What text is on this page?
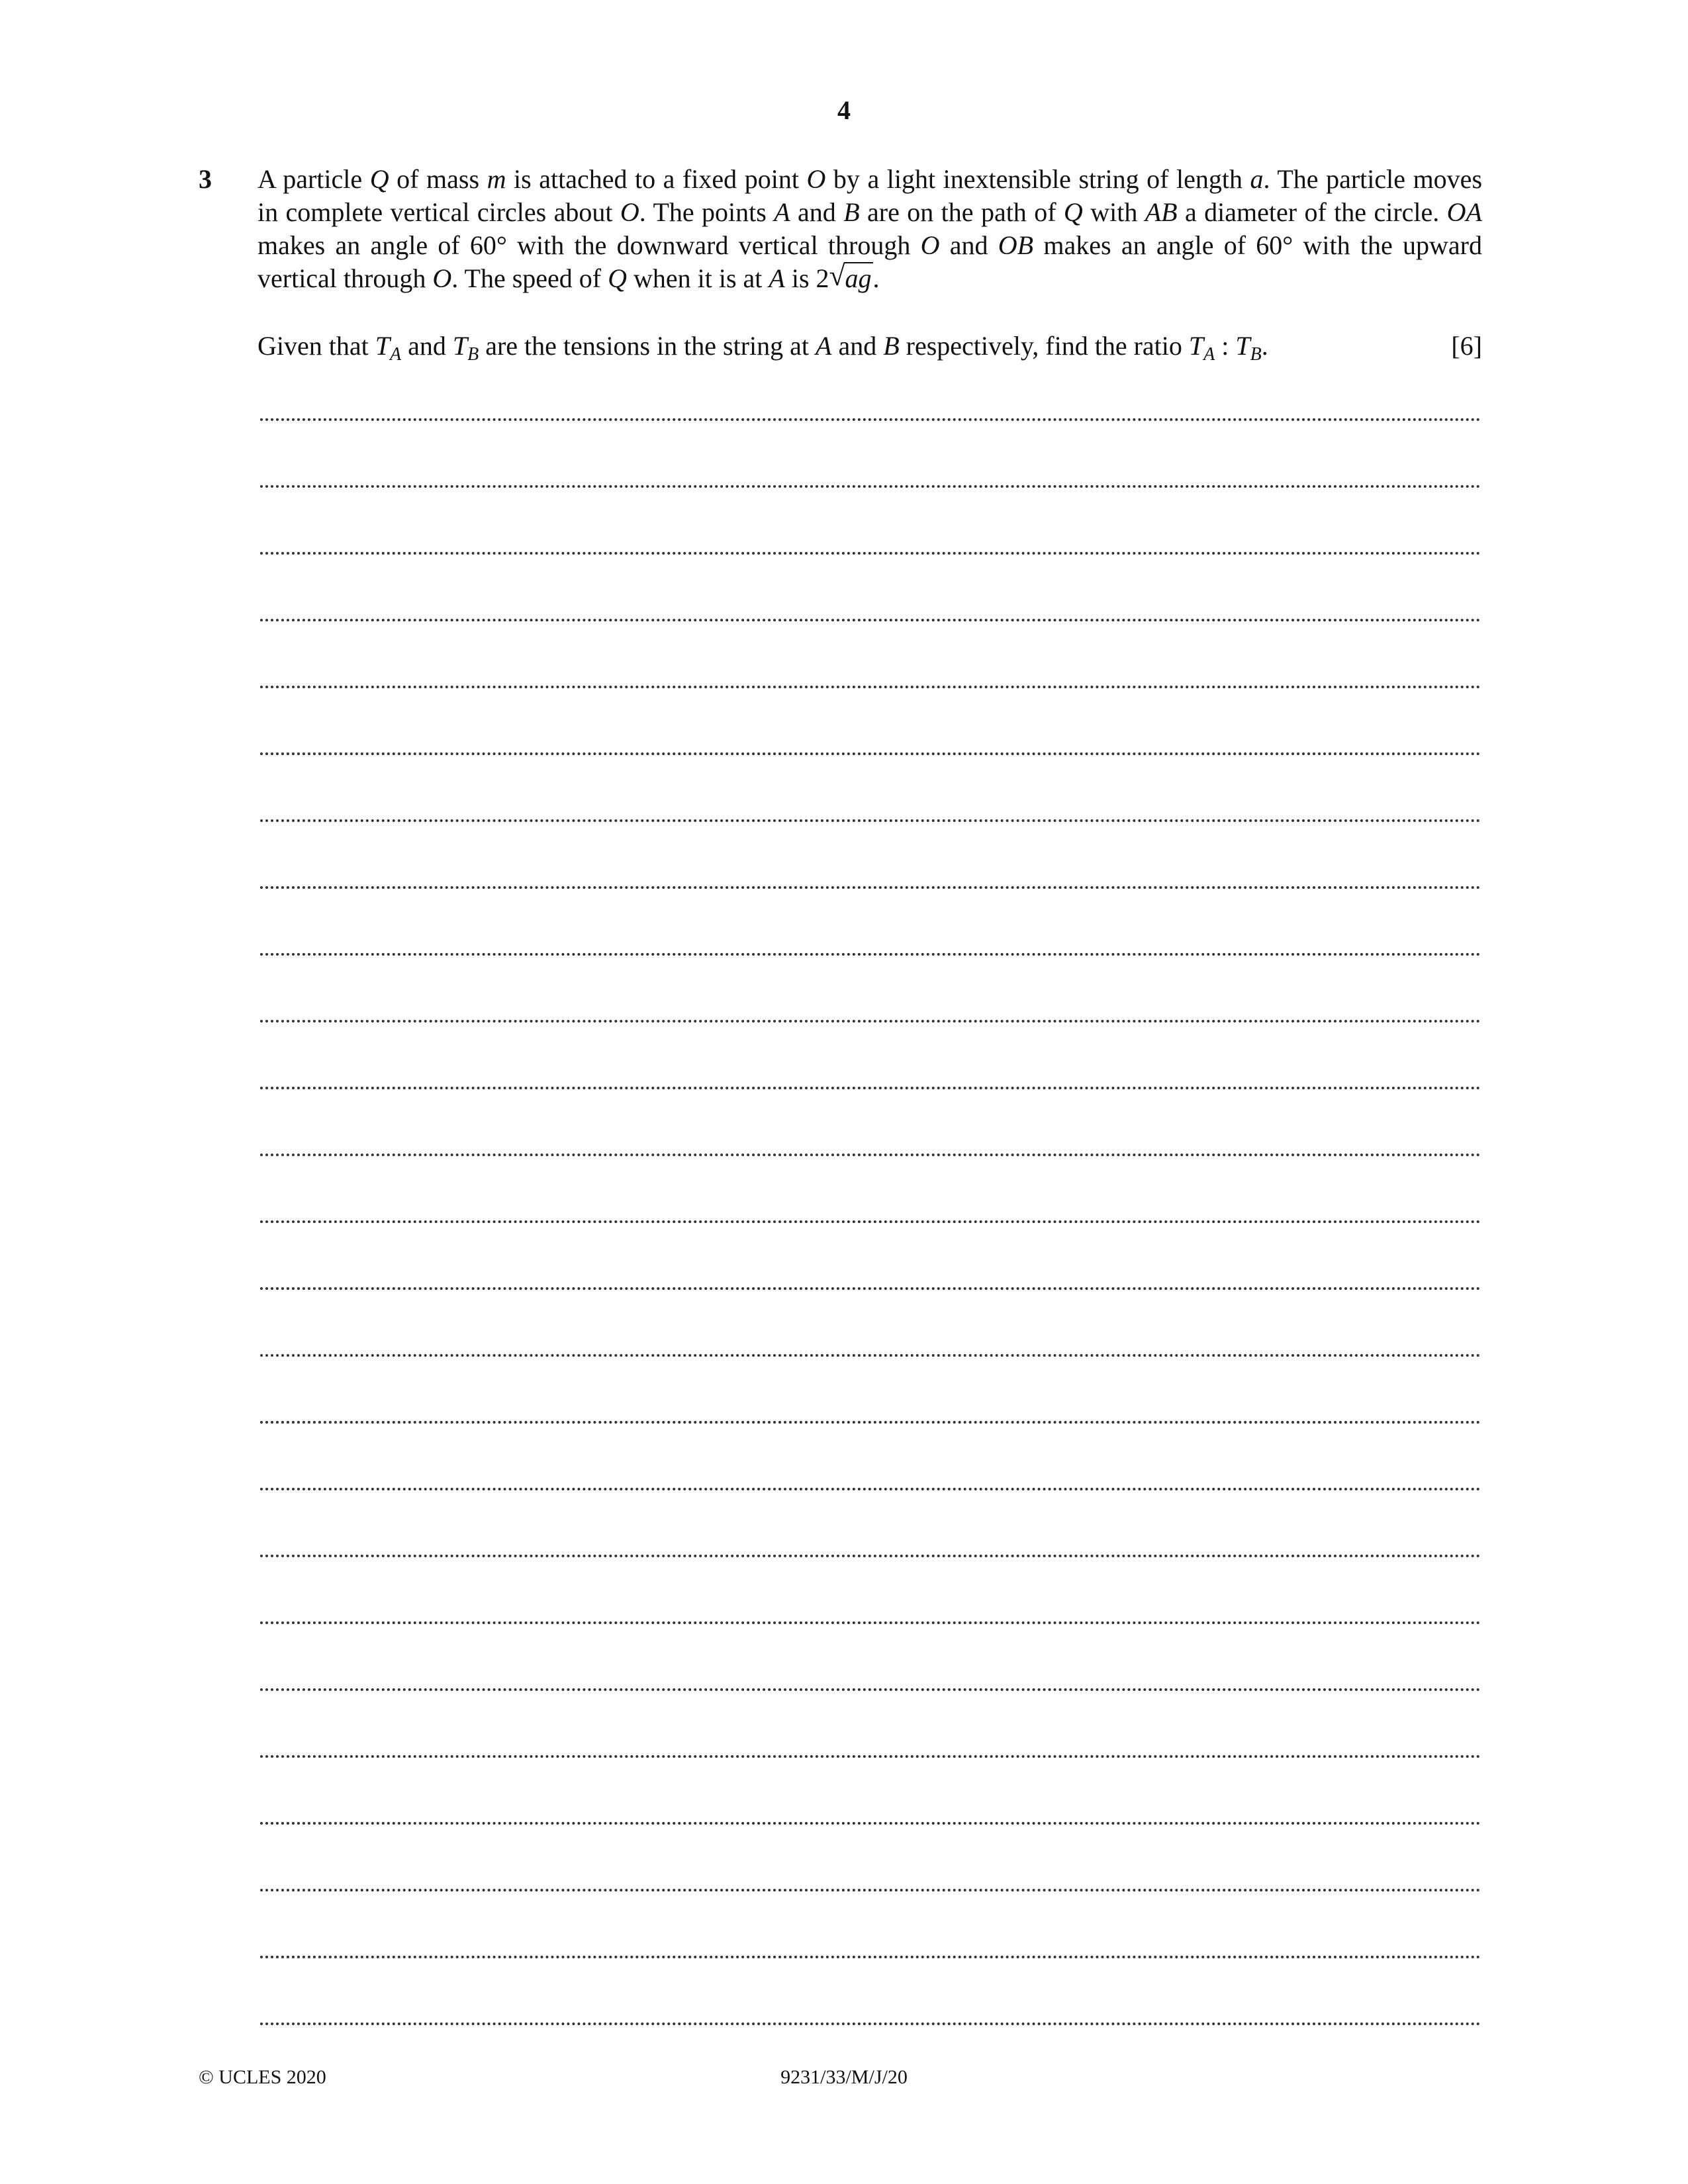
4
3 A particle Q of mass m is attached to a fixed point O by a light inextensible string of length a. The particle moves in complete vertical circles about O. The points A and B are on the path of Q with AB a diameter of the circle. OA makes an angle of 60° with the downward vertical through O and OB makes an angle of 60° with the upward vertical through O. The speed of Q when it is at A is 2 √ ag.
Given that $T_A$ and $T_B$ are the tensions in the string at A and B respectively, find the ratio $T_A$ : $T_B$.	[6]
© UCLES 2020	9231/33/M/J/20
